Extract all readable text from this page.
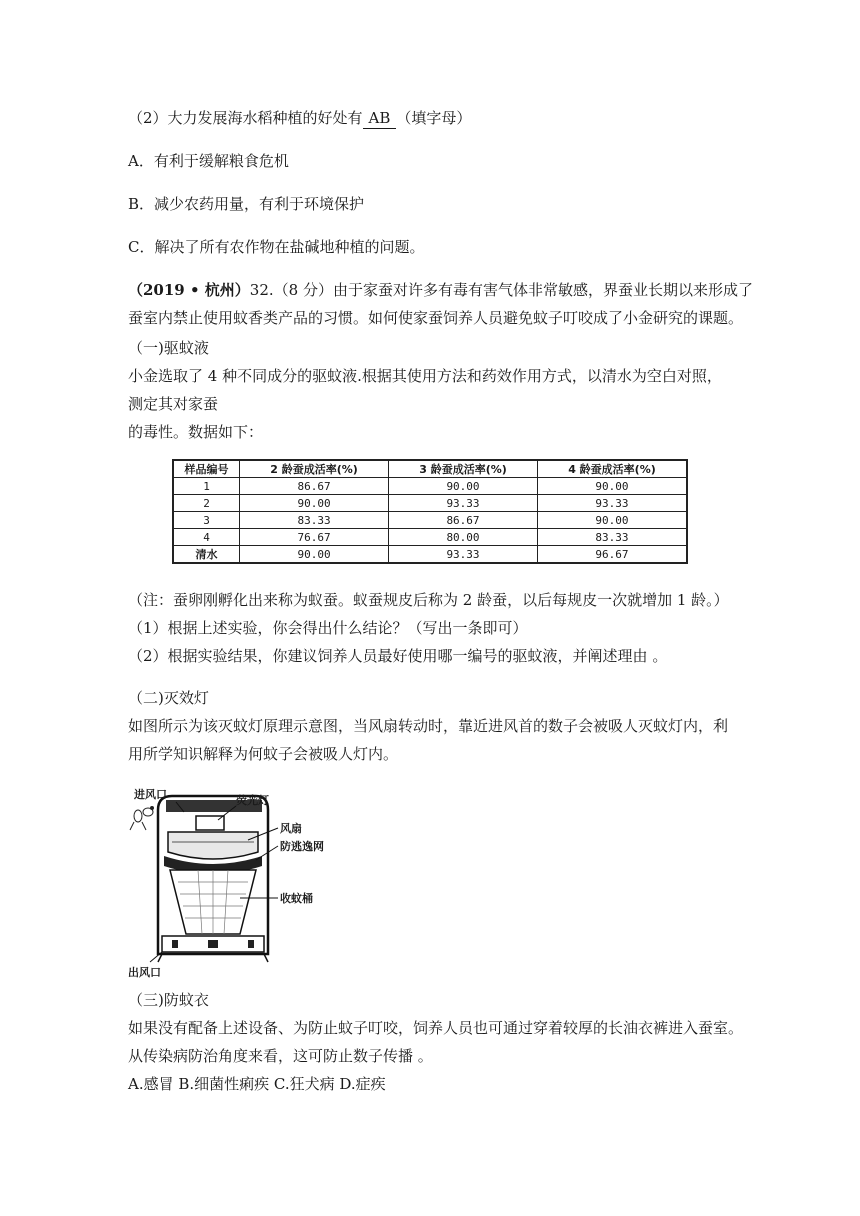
（2）大力发展海水稻种植的好处有 AB （填字母）
A．有利于缓解粮食危机
B．减少农药用量，有利于环境保护
C．解决了所有农作物在盐碱地种植的问题。
（2019 • 杭州）32.（8 分）由于家蚕对许多有毒有害气体非常敏感，界蚕业长期以来形成了
蚕室内禁止使用蚊香类产品的习惯。如何使家蚕饲养人员避免蚊子叮咬成了小金研究的课题。
（一)驱蚊液
小金选取了 4 种不同成分的驱蚊液.根据其使用方法和药效作用方式，以清水为空白对照，
测定其对家蚕
的毒性。数据如下：
样品编号	2 龄蚕成活率(%)	3 龄蚕成活率(%)	4 龄蚕成活率(%)
1	86.67	90.00	90.00
2	90.00	93.33	93.33
3	83.33	86.67	90.00
4	76.67	80.00	83.33
清水	90.00	93.33	96.67
（注：蚕卵刚孵化出来称为蚁蚕。蚁蚕规皮后称为 2 龄蚕，以后每规皮一次就增加 1 龄。）
（1）根据上述实验，你会得出什么结论？（写出一条即可）
（2）根据实验结果，你建议饲养人员最好使用哪一编号的驱蚊液，并阐述理由 。
（二)灭效灯
如图所示为该灭蚊灯原理示意图，当风扇转动时，靠近进风首的数子会被吸人灭蚊灯内，利
用所学知识解释为何蚊子会被吸人灯内。
进风口	荧光灯
风扇
防逃逸网
收蚊桶
出风口
（三)防蚊衣
如果没有配备上述设备、为防止蚊子叮咬，饲养人员也可通过穿着较厚的长油衣裤进入蚕室。
从传染病防治角度来看，这可防止数子传播 。
A.感冒 B.细菌性痢疾 C.狂犬病 D.症疾
